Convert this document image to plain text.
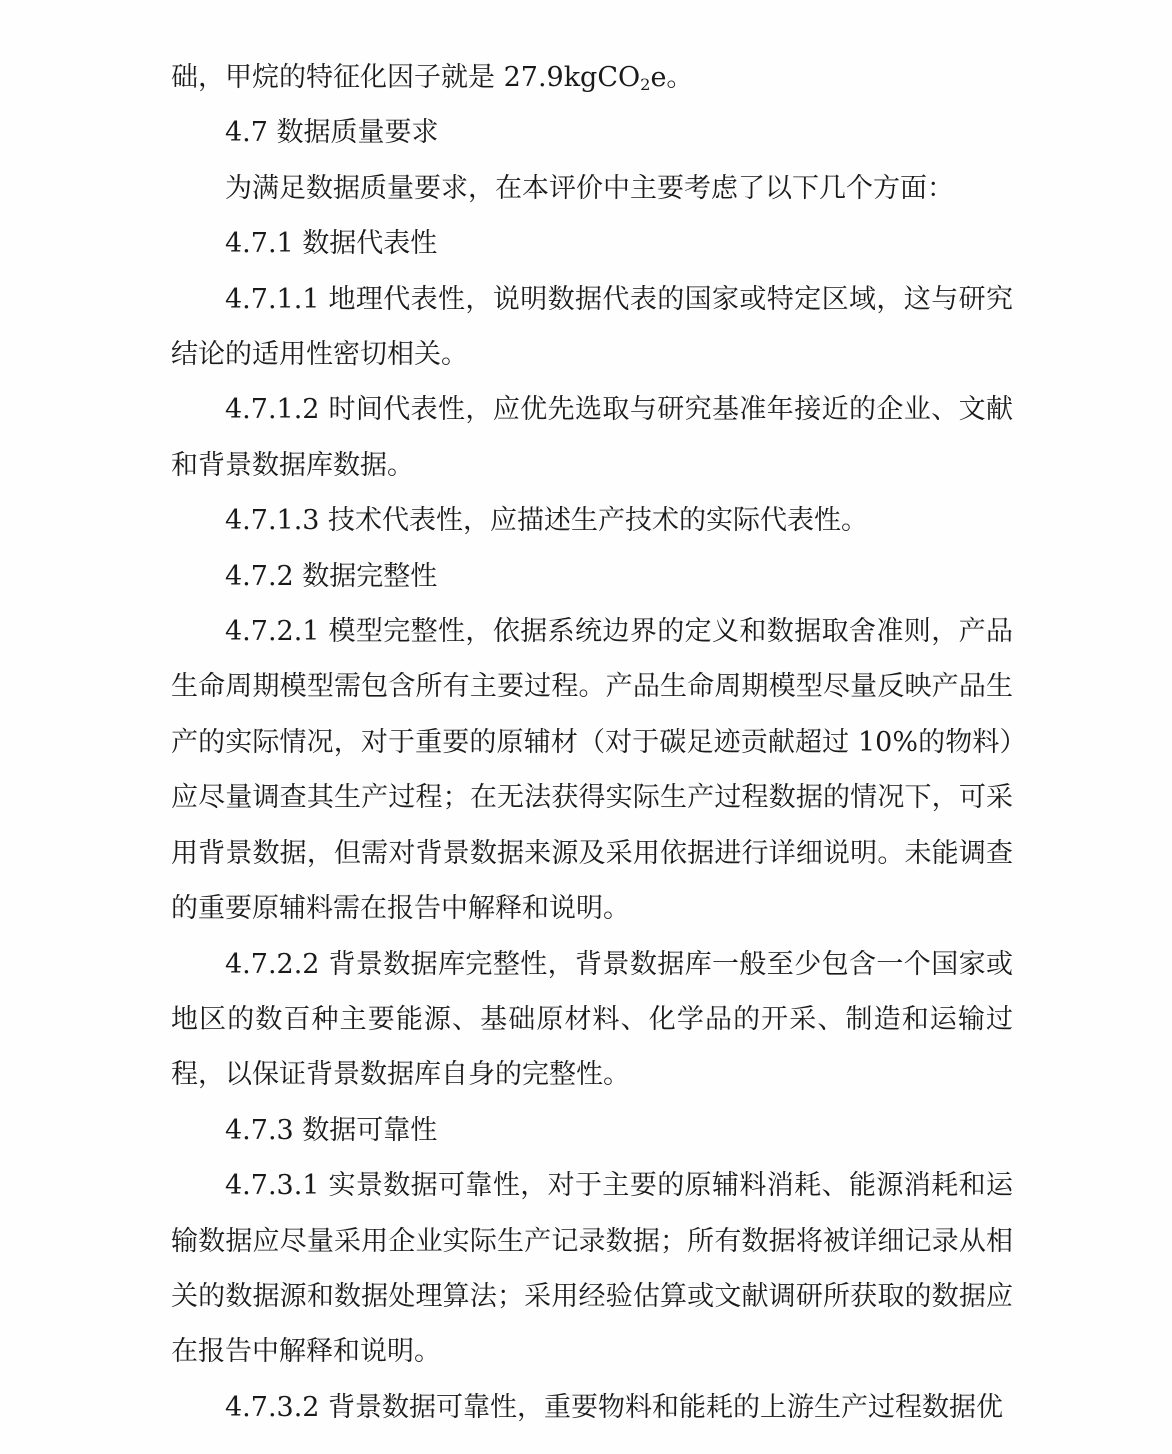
础，甲烷的特征化因子就是 27.9kgCO$_2$e。

4.7 数据质量要求

为满足数据质量要求，在本评价中主要考虑了以下几个方面：

4.7.1 数据代表性

4.7.1.1 地理代表性，说明数据代表的国家或特定区域，这与研究结论的适用性密切相关。

4.7.1.2 时间代表性，应优先选取与研究基准年接近的企业、文献和背景数据库数据。

4.7.1.3 技术代表性，应描述生产技术的实际代表性。

4.7.2 数据完整性

4.7.2.1 模型完整性，依据系统边界的定义和数据取舍准则，产品生命周期模型需包含所有主要过程。产品生命周期模型尽量反映产品生产的实际情况，对于重要的原辅材（对于碳足迹贡献超过 10%的物料）应尽量调查其生产过程；在无法获得实际生产过程数据的情况下，可采用背景数据，但需对背景数据来源及采用依据进行详细说明。未能调查的重要原辅料需在报告中解释和说明。

4.7.2.2 背景数据库完整性，背景数据库一般至少包含一个国家或地区的数百种主要能源、基础原材料、化学品的开采、制造和运输过程，以保证背景数据库自身的完整性。

4.7.3 数据可靠性

4.7.3.1 实景数据可靠性，对于主要的原辅料消耗、能源消耗和运输数据应尽量采用企业实际生产记录数据；所有数据将被详细记录从相关的数据源和数据处理算法；采用经验估算或文献调研所获取的数据应在报告中解释和说明。

4.7.3.2 背景数据可靠性，重要物料和能耗的上游生产过程数据优
